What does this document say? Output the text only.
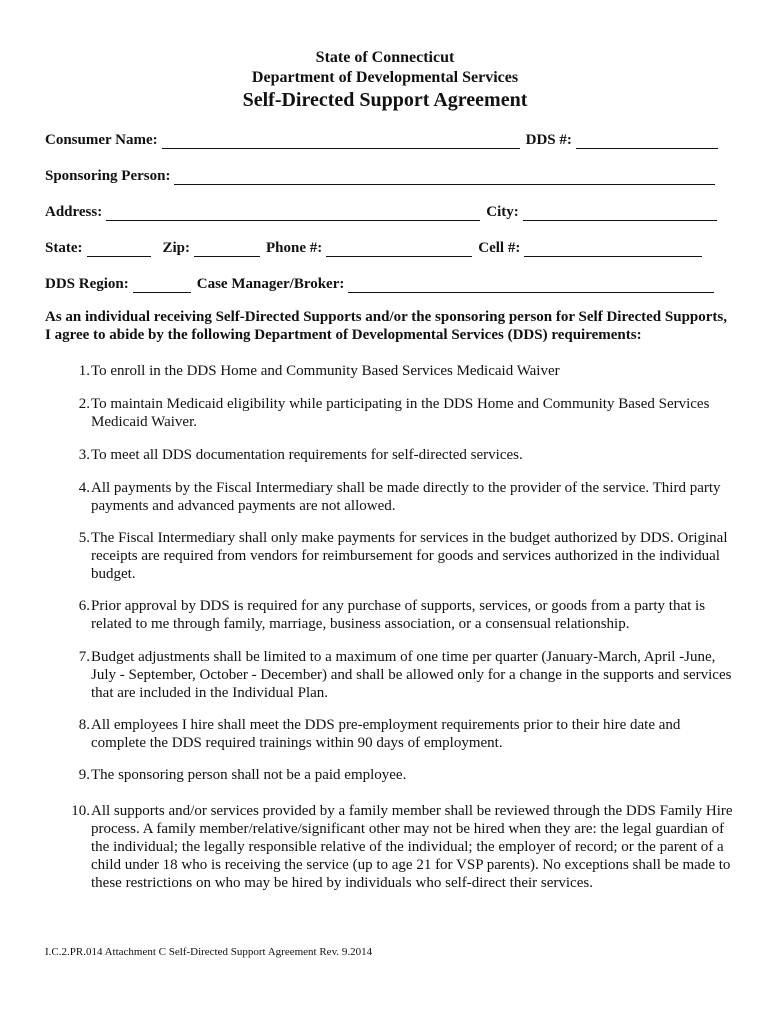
State of Connecticut
Department of Developmental Services
Self-Directed Support Agreement
Consumer Name:	DDS #:
Sponsoring Person:
Address:	City:
State:	Zip:	Phone #:	Cell #:
DDS Region:	Case Manager/Broker:
As an individual receiving Self-Directed Supports and/or the sponsoring person for Self Directed Supports, I agree to abide by the following Department of Developmental Services (DDS) requirements:
1. To enroll in the DDS Home and Community Based Services Medicaid Waiver
2. To maintain Medicaid eligibility while participating in the DDS Home and Community Based Services Medicaid Waiver.
3. To meet all DDS documentation requirements for self-directed services.
4. All payments by the Fiscal Intermediary shall be made directly to the provider of the service. Third party payments and advanced payments are not allowed.
5. The Fiscal Intermediary shall only make payments for services in the budget authorized by DDS. Original receipts are required from vendors for reimbursement for goods and services authorized in the individual budget.
6. Prior approval by DDS is required for any purchase of supports, services, or goods from a party that is related to me through family, marriage, business association, or a consensual relationship.
7. Budget adjustments shall be limited to a maximum of one time per quarter (January-March, April -June, July - September, October - December) and shall be allowed only for a change in the supports and services that are included in the Individual Plan.
8. All employees I hire shall meet the DDS pre-employment requirements prior to their hire date and complete the DDS required trainings within 90 days of employment.
9. The sponsoring person shall not be a paid employee.
10. All supports and/or services provided by a family member shall be reviewed through the DDS Family Hire process. A family member/relative/significant other may not be hired when they are: the legal guardian of the individual; the legally responsible relative of the individual; the employer of record; or the parent of a child under 18 who is receiving the service (up to age 21 for VSP parents). No exceptions shall be made to these restrictions on who may be hired by individuals who self-direct their services.
I.C.2.PR.014 Attachment C Self-Directed Support Agreement Rev. 9.2014
